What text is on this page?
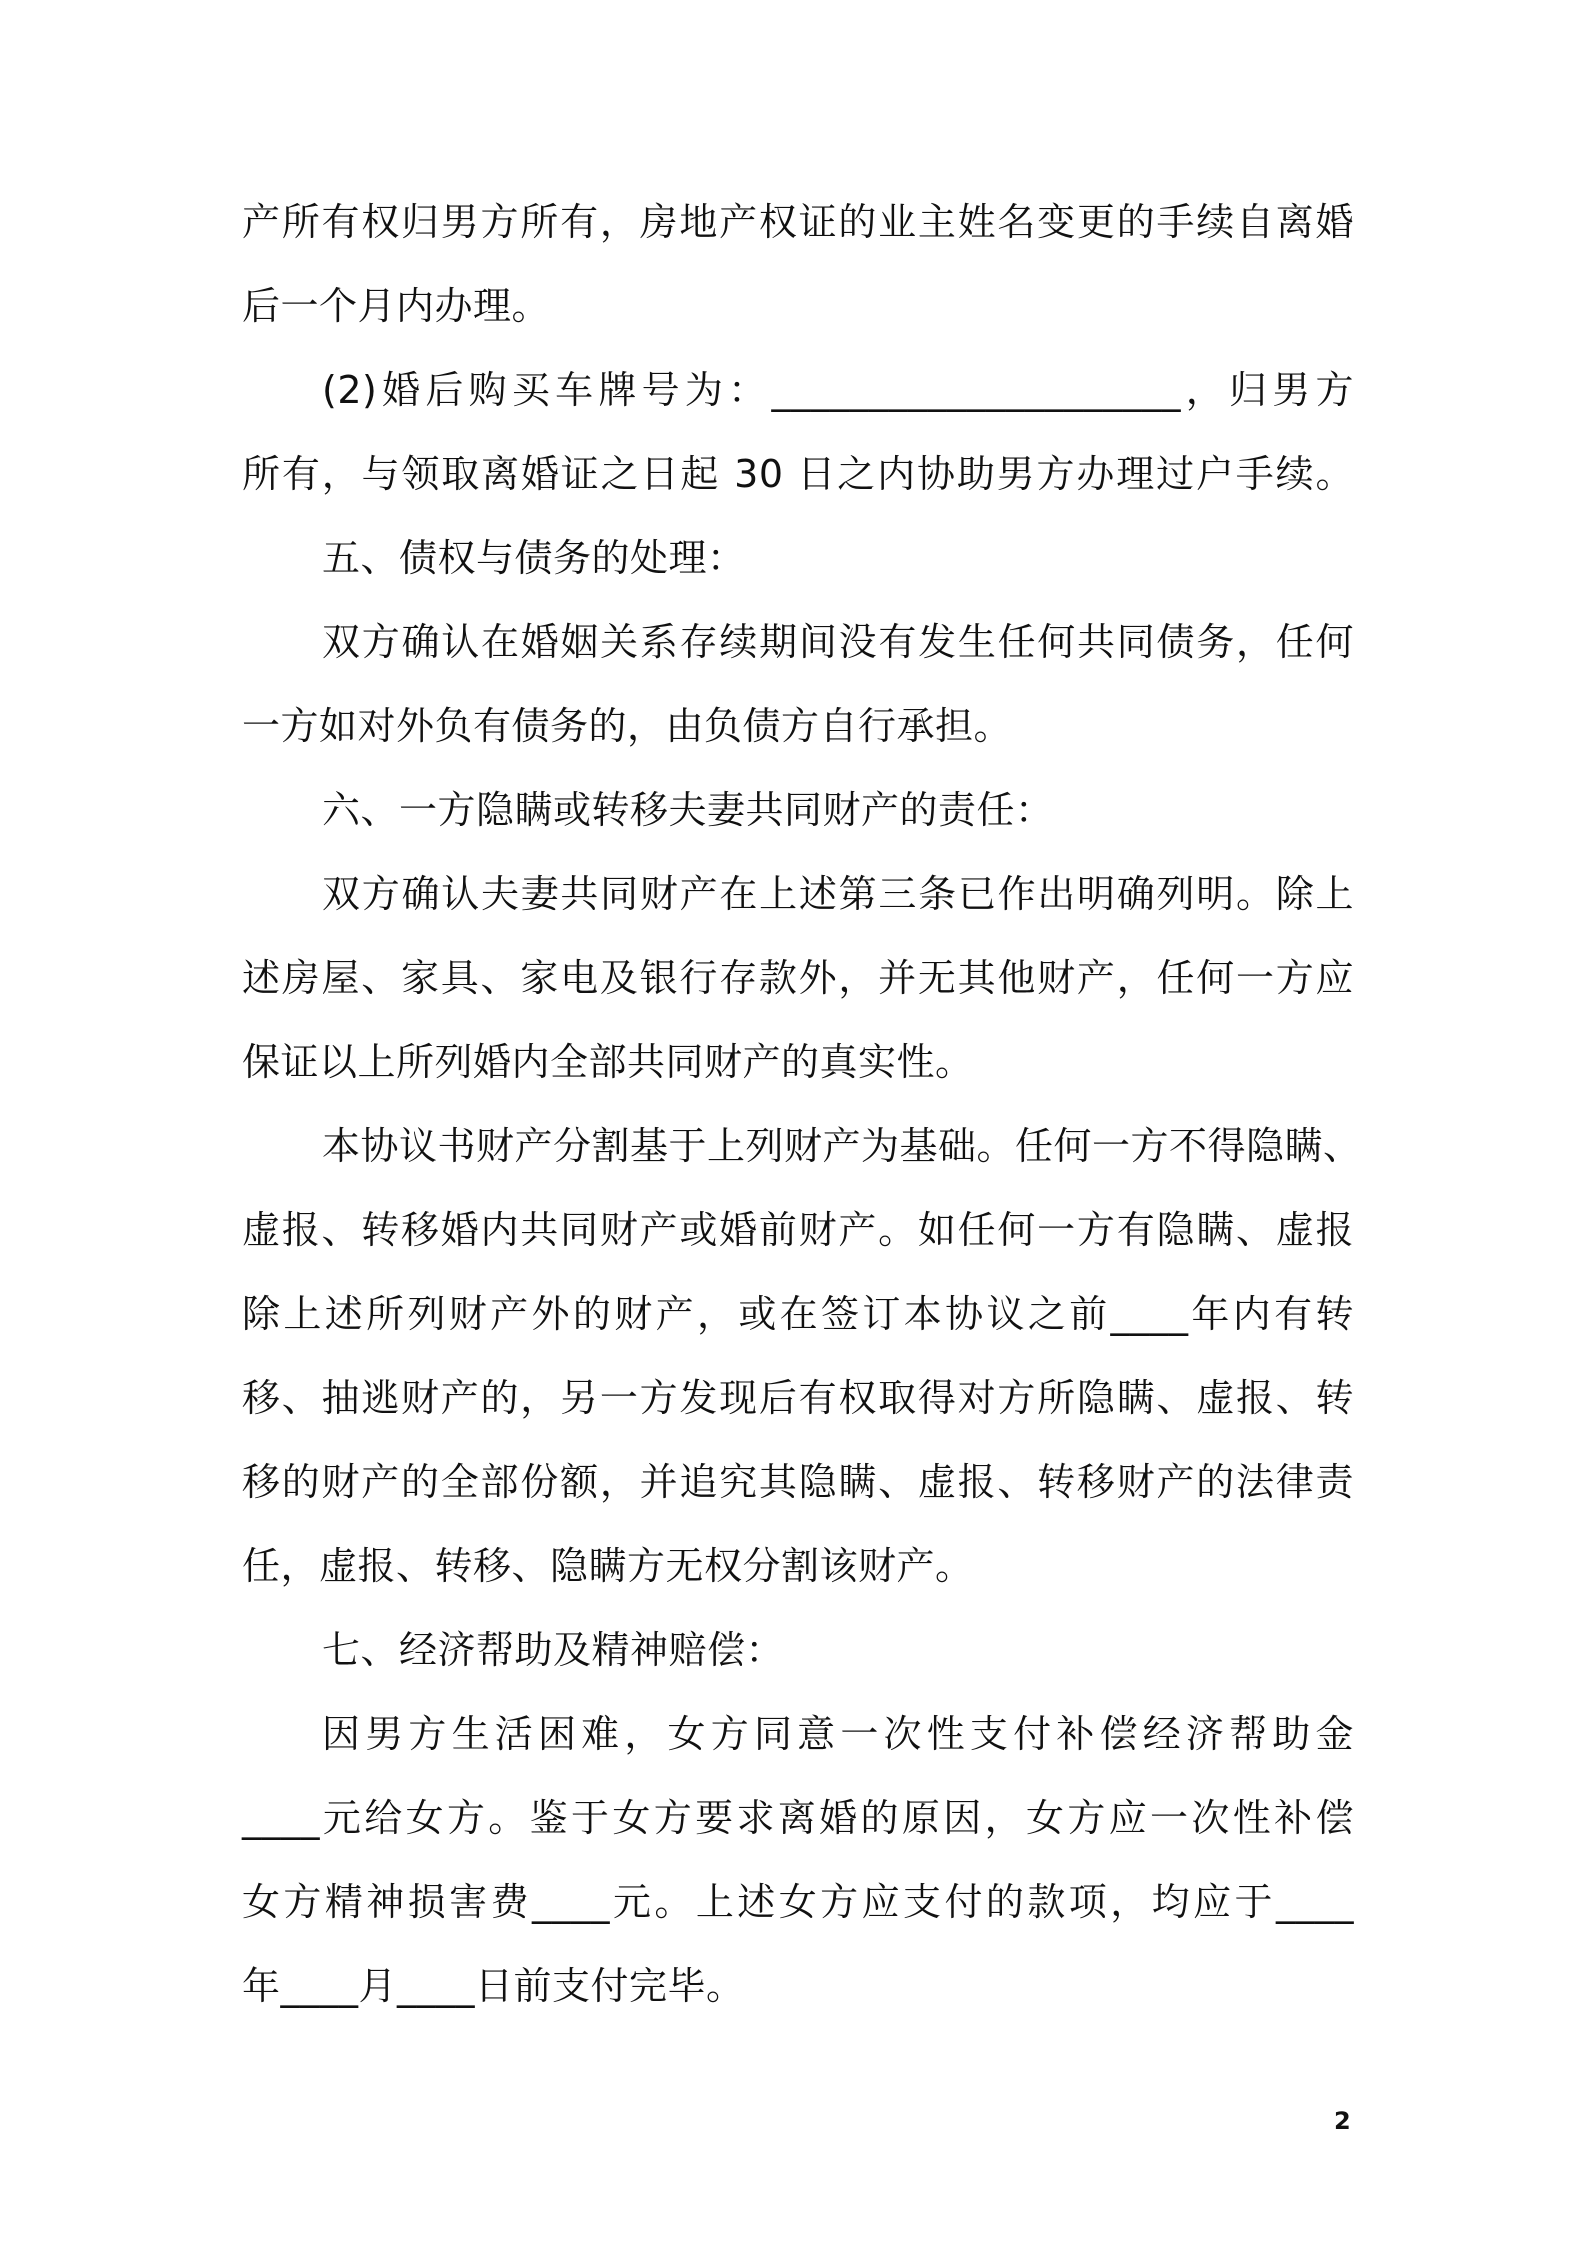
产所有权归男方所有，房地产权证的业主姓名变更的手续自离婚
后一个月内办理。
(2)婚后购买车牌号为：_____________________，归男方
所有，与领取离婚证之日起 30 日之内协助男方办理过户手续。
五、债权与债务的处理：
双方确认在婚姻关系存续期间没有发生任何共同债务，任何
一方如对外负有债务的，由负债方自行承担。
六、一方隐瞒或转移夫妻共同财产的责任：
双方确认夫妻共同财产在上述第三条已作出明确列明。除上
述房屋、家具、家电及银行存款外，并无其他财产，任何一方应
保证以上所列婚内全部共同财产的真实性。
本协议书财产分割基于上列财产为基础。任何一方不得隐瞒、
虚报、转移婚内共同财产或婚前财产。如任何一方有隐瞒、虚报
除上述所列财产外的财产，或在签订本协议之前____年内有转
移、抽逃财产的，另一方发现后有权取得对方所隐瞒、虚报、转
移的财产的全部份额，并追究其隐瞒、虚报、转移财产的法律责
任，虚报、转移、隐瞒方无权分割该财产。
七、经济帮助及精神赔偿：
因男方生活困难，女方同意一次性支付补偿经济帮助金
____元给女方。鉴于女方要求离婚的原因，女方应一次性补偿
女方精神损害费____元。上述女方应支付的款项，均应于____
年____月____日前支付完毕。
2
